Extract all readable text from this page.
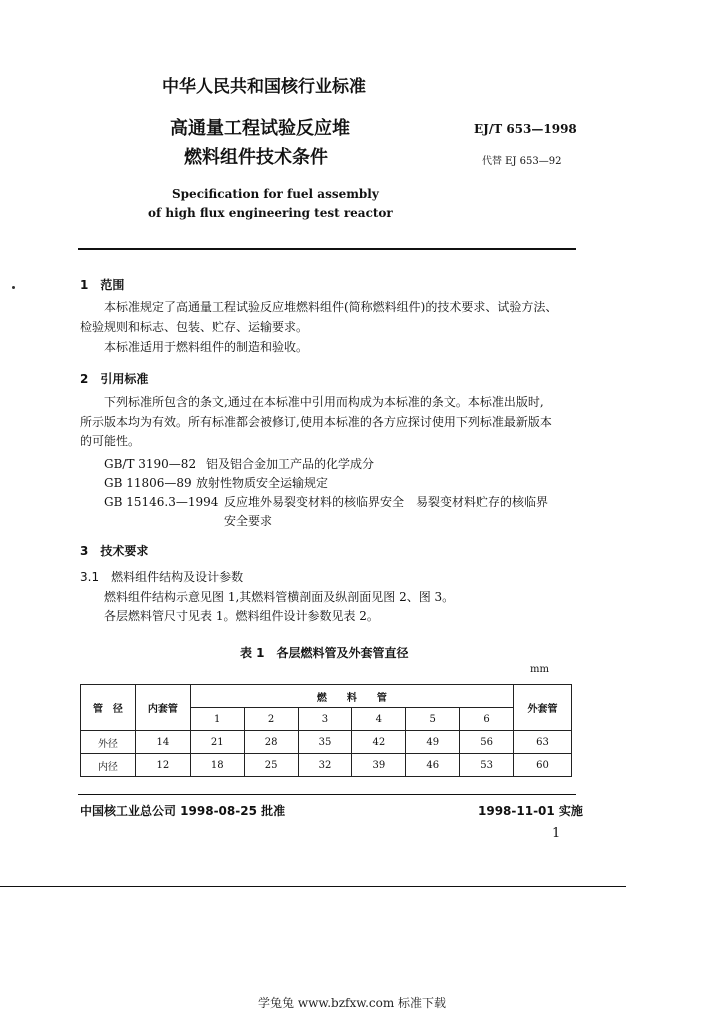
中华人民共和国核行业标准
高通量工程试验反应堆
燃料组件技术条件
EJ/T 653—1998
代替 EJ 653—92
Specification for fuel assembly
of high flux engineering test reactor
1　范围
本标准规定了高通量工程试验反应堆燃料组件(简称燃料组件)的技术要求、试验方法、
检验规则和标志、包装、贮存、运输要求。
本标准适用于燃料组件的制造和验收。
2　引用标准
下列标准所包含的条文,通过在本标准中引用而构成为本标准的条文。本标准出版时,
所示版本均为有效。所有标准都会被修订,使用本标准的各方应探讨使用下列标准最新版本
的可能性。
GB/T 3190—82 铝及铝合金加工产品的化学成分
GB 11806—89 放射性物质安全运输规定
GB 15146.3—1994 反应堆外易裂变材料的核临界安全　易裂变材料贮存的核临界
安全要求
3　技术要求
3.1　燃料组件结构及设计参数
燃料组件结构示意见图 1,其燃料管横剖面及纵剖面见图 2、图 3。
各层燃料管尺寸见表 1。燃料组件设计参数见表 2。
表 1　各层燃料管及外套管直径
mm
管　径	内套管	燃　　料　　管						外套管
		1	2	3	4	5	6	
外径	14	21	28	35	42	49	56	63
内径	12	18	25	32	39	46	53	60
中国核工业总公司 1998-08-25 批准	1998-11-01 实施
1
学兔兔 www.bzfxw.com 标准下载
